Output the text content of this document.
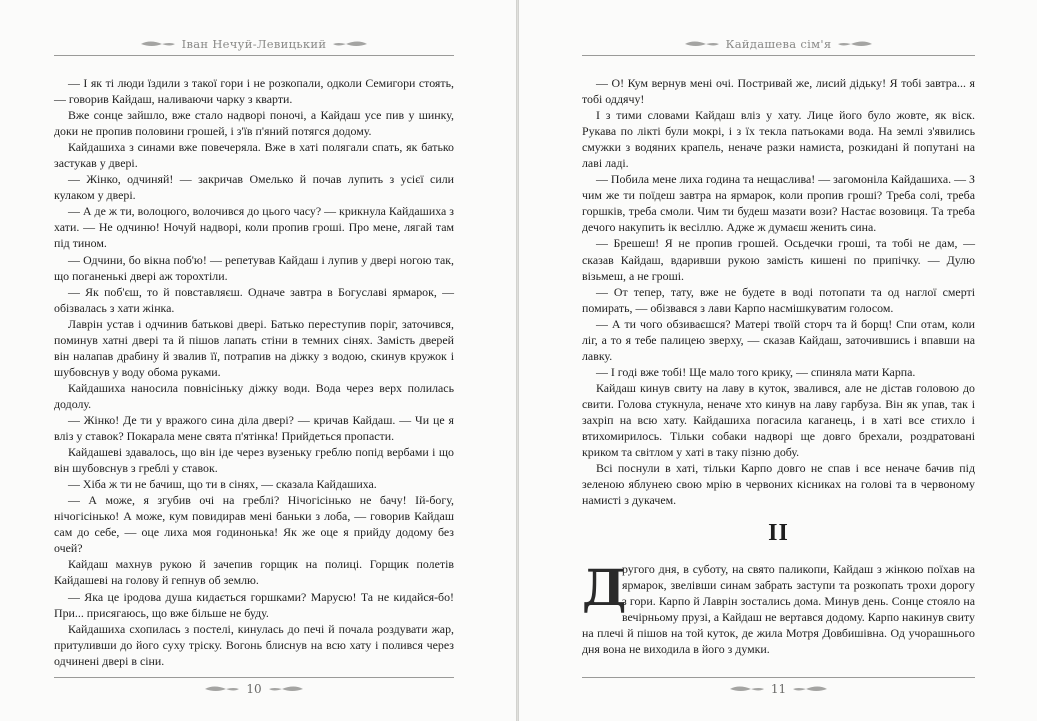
Іван Нечуй-Левицький

— І як ті люди їздили з такої гори і не розкопали, одколи Семигори стоять, — говорив Кайдаш, наливаючи чарку з кварти.

Вже сонце зайшло, вже стало надворі поночі, а Кайдаш усе пив у шинку, доки не пропив половини грошей, і з'їв п'яний потягся додому.

Кайдашиха з синами вже повечеряла. Вже в хаті полягали спать, як батько застукав у двері.

— Жінко, одчиняй! — закричав Омелько й почав лупить з усієї сили кулаком у двері.

— А де ж ти, волоцюго, волочився до цього часу? — крикнула Кайдашиха з хати. — Не одчиню! Ночуй надворі, коли пропив гроші. Про мене, лягай там під тином.

— Одчини, бо вікна поб'ю! — репетував Кайдаш і лупив у двері ногою так, що поганенькі двері аж торохтіли.

— Як поб'єш, то й повставляєш. Одначе завтра в Богуславі ярмарок, — обізвалась з хати жінка.

Лаврін устав і одчинив батькові двері. Батько переступив поріг, заточився, поминув хатні двері та й пішов лапать стіни в темних сінях. Замість дверей він налапав драбину й звалив її, потрапив на діжку з водою, скинув кружок і шубовснув у воду обома руками.

Кайдашиха наносила повнісіньку діжку води. Вода через верх полилась додолу.

— Жінко! Де ти у вражого сина діла двері? — кричав Кайдаш. — Чи це я вліз у ставок? Покарала мене свята п'ятінка! Прийдеться пропасти.

Кайдашеві здавалось, що він іде через вузеньку греблю попід вербами і що він шубовснув з греблі у ставок.

— Хіба ж ти не бачиш, що ти в сінях, — сказала Кайдашиха.

— А може, я згубив очі на греблі? Нічогісінько не бачу! Ій-богу, нічогісінько! А може, кум повидирав мені баньки з лоба, — говорив Кайдаш сам до себе, — оце лиха моя годинонька! Як же оце я прийду додому без очей?

Кайдаш махнув рукою й зачепив горщик на полиці. Горщик полетів Кайдашеві на голову й гепнув об землю.

— Яка це іродова душа кидається горшками? Марусю! Та не кидайся-бо! При... присягаюсь, що вже більше не буду.

Кайдашиха схопилась з постелі, кинулась до печі й почала роздувати жар, притуливши до його суху тріску. Вогонь блиснув на всю хату і полився через одчинені двері в сіни.

10
Кайдашева сім'я

— О! Кум вернув мені очі. Постривай же, лисий дідьку! Я тобі завтра... я тобі оддячу!

І з тими словами Кайдаш вліз у хату. Лице його було жовте, як віск. Рукава по лікті були мокрі, і з їх текла патьоками вода. На землі з'явились смужки з водяних крапель, неначе разки намиста, розкидані й попутані на лаві ладі.

— Побила мене лиха година та нещаслива! — загомоніла Кайдашиха. — З чим же ти поїдеш завтра на ярмарок, коли пропив гроші? Треба солі, треба горшків, треба смоли. Чим ти будеш мазати вози? Настає возовиця. Та треба дечого накупить ік весіллю. Адже ж думаєш женить сина.

— Брешеш! Я не пропив грошей. Осьдечки гроші, та тобі не дам, — сказав Кайдаш, вдаривши рукою замість кишені по припічку. — Дулю візьмеш, а не гроші.

— От тепер, тату, вже не будете в воді потопати та од наглої смерті помирать, — обізвався з лави Карпо насмішкуватим голосом.

— А ти чого обзиваєшся? Матері твоїй сторч та й борщ! Спи отам, коли ліг, а то я тебе палицею зверху, — сказав Кайдаш, заточившись і впавши на лавку.

— І годі вже тобі! Ще мало того крику, — спиняла мати Карпа.

Кайдаш кинув свиту на лаву в куток, звалився, але не дістав головою до свити. Голова стукнула, неначе хто кинув на лаву гарбуза. Він як упав, так і захріп на всю хату. Кайдашиха погасила каганець, і в хаті все стихло і втихомирилось. Тільки собаки надворі ще довго брехали, роздратовані криком та світлом у хаті в таку пізню добу.

Всі поснули в хаті, тільки Карпо довго не спав і все неначе бачив під зеленою яблунею свою мрію в червоних кісниках на голові та в червоному намисті з дукачем.

II
Д
ругого дня, в суботу, на свято паликопи, Кайдаш з жінкою поїхав на ярмарок, звелівши синам забрать заступи та розкопать трохи дорогу з гори. Карпо й Лаврін зостались дома. Минув день. Сонце стояло на вечірньому прузі, а Кайдаш не вертався додому. Карпо накинув свиту на плечі й пішов на той куток, де жила Мотря Довбишівна. Од учорашнього дня вона не виходила в його з думки.
11
